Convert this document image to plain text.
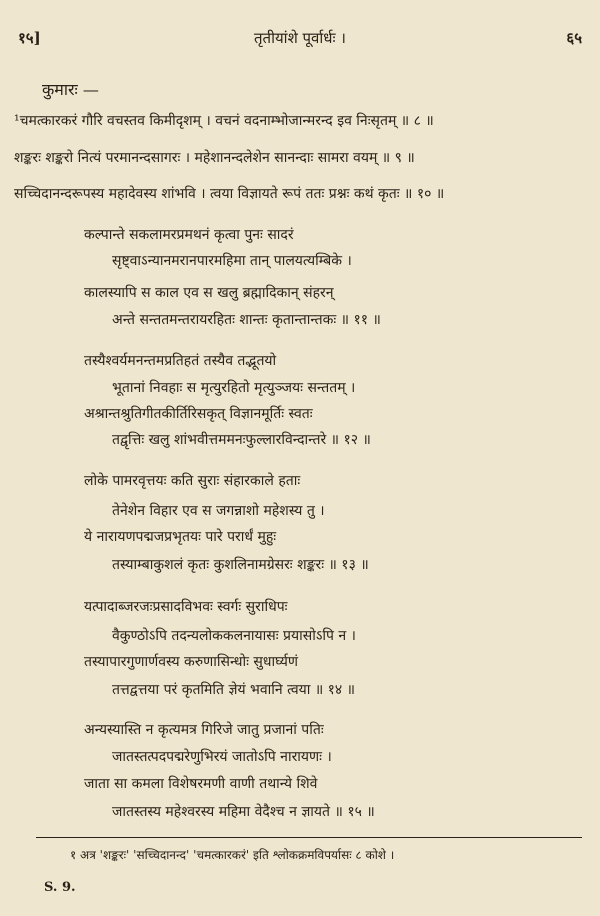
१५]	तृतीयांशे पूर्वार्धः ।	६५
कुमारः —
¹चमत्कारकरं गौरि वचस्तव किमीदृशम् । वचनं वदनाम्भोजान्मरन्द इव निःसृतम् ॥ ८ ॥
शङ्करः शङ्करो नित्यं परमानन्दसागरः । महेशानन्दलेशेन सानन्दाः सामरा वयम् ॥ ९ ॥
सच्चिदानन्दरूपस्य महादेवस्य शांभवि । त्वया विज्ञायते रूपं ततः प्रश्नः कथं कृतः ॥ १० ॥
कल्पान्ते सकलामरप्रमथनं कृत्वा पुनः सादरं
सृष्ट्वाऽन्यानमरानपारमहिमा तान् पालयत्यम्बिके ।
कालस्यापि स काल एव स खलु ब्रह्मादिकान् संहरन्
अन्ते सन्ततमन्तरायरहितः शान्तः कृतान्तान्तकः ॥ ११ ॥
तस्यैश्वर्यमनन्तमप्रतिहतं तस्यैव तद्भूतयो
भूतानां निवहाः स मृत्युरहितो मृत्युञ्जयः सन्ततम् ।
अश्रान्तश्रुतिगीतकीर्तिरिसकृत् विज्ञानमूर्तिः स्वतः
तद्वृत्तिः खलु शांभवीत्तममनःफुल्लारविन्दान्तरे ॥ १२ ॥
लोके पामरवृत्तयः कति सुराः संहारकाले हताः
तेनेशेन विहार एव स जगन्नाशो महेशस्य तु ।
ये नारायणपद्मजप्रभृतयः पारे परार्धं मुहुः
तस्याम्बाकुशलं कृतः कुशलिनामग्रेसरः शङ्करः ॥ १३ ॥
यत्पादाब्जरजःप्रसादविभवः स्वर्गः सुराधिपः
वैकुण्ठोऽपि तदन्यलोककलनायासः प्रयासोऽपि न ।
तस्यापारगुणार्णवस्य करुणासिन्धोः सुधार्घ्यणं
तत्तद्वत्तया परं कृतमिति ज्ञेयं भवानि त्वया ॥ १४ ॥
अन्यस्यास्ति न कृत्यमत्र गिरिजे जातु प्रजानां पतिः
जातस्तत्पदपद्मरेणुभिरयं जातोऽपि नारायणः ।
जाता सा कमला विशेषरमणी वाणी तथान्ये शिवे
जातस्तस्य महेश्वरस्य महिमा वेदैश्च न ज्ञायते ॥ १५ ॥
१ अत्र 'शङ्करः' 'सच्चिदानन्द' 'चमत्कारकरं' इति श्लोकक्रमविपर्यासः ८ कोशे ।
S. 9.
